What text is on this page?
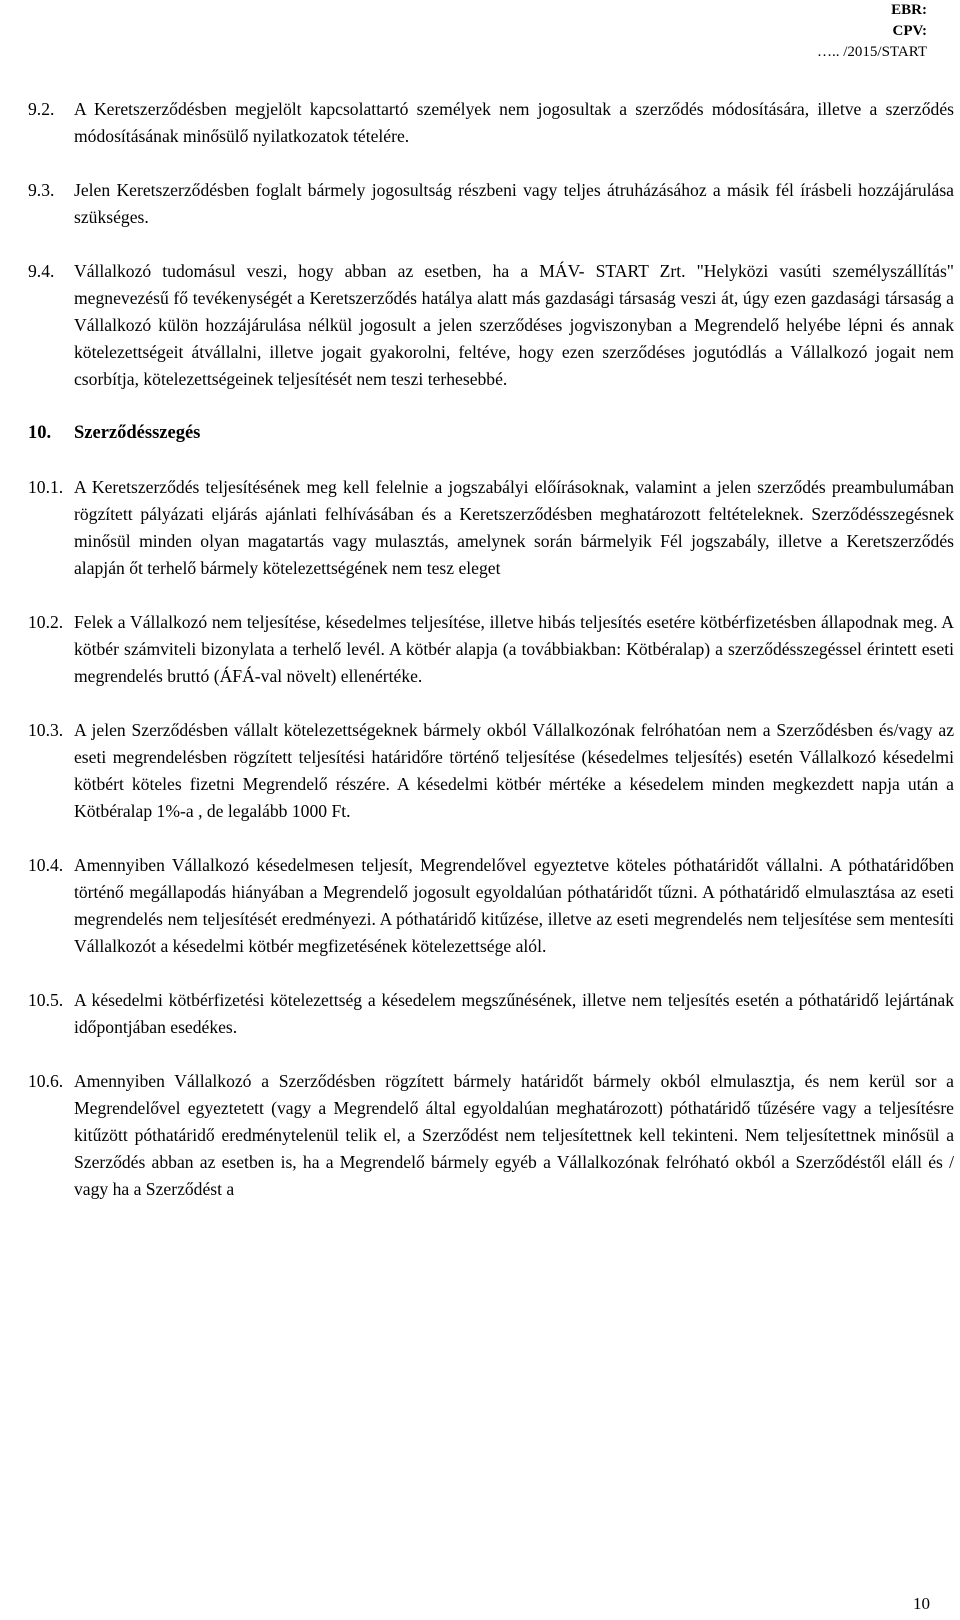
EBR:
CPV:
….. /2015/START
9.2.	A Keretszerződésben megjelölt kapcsolattartó személyek nem jogosultak a szerződés módosítására, illetve a szerződés módosításának minősülő nyilatkozatok tételére.
9.3.	Jelen Keretszerződésben foglalt bármely jogosultság részbeni vagy teljes átruházásához a másik fél írásbeli hozzájárulása szükséges.
9.4.	Vállalkozó tudomásul veszi, hogy abban az esetben, ha a MÁV- START Zrt. "Helyközi vasúti személyszállítás" megnevezésű fő tevékenységét a Keretszerződés hatálya alatt más gazdasági társaság veszi át, úgy ezen gazdasági társaság a Vállalkozó külön hozzájárulása nélkül jogosult a jelen szerződéses jogviszonyban a Megrendelő helyébe lépni és annak kötelezettségeit átvállalni, illetve jogait gyakorolni, feltéve, hogy ezen szerződéses jogutódlás a Vállalkozó jogait nem csorbítja, kötelezettségeinek teljesítését nem teszi terhesebbé.
10.	Szerződésszegés
10.1. A Keretszerződés teljesítésének meg kell felelnie a jogszabályi előírásoknak, valamint a jelen szerződés preambulumában rögzített pályázati eljárás ajánlati felhívásában és a Keretszerződésben meghatározott feltételeknek. Szerződésszegésnek minősül minden olyan magatartás vagy mulasztás, amelynek során bármelyik Fél jogszabály, illetve a Keretszerződés alapján őt terhelő bármely kötelezettségének nem tesz eleget
10.2. Felek a Vállalkozó nem teljesítése, késedelmes teljesítése, illetve hibás teljesítés esetére kötbérfizetésben állapodnak meg. A kötbér számviteli bizonylata a terhelő levél. A kötbér alapja (a továbbiakban: Kötbéralap) a szerződésszegéssel érintett eseti megrendelés bruttó (ÁFÁ-val növelt) ellenértéke.
10.3. A jelen Szerződésben vállalt kötelezettségeknek bármely okból Vállalkozónak felróhatóan nem a Szerződésben és/vagy az eseti megrendelésben rögzített teljesítési határidőre történő teljesítése (késedelmes teljesítés) esetén Vállalkozó késedelmi kötbért köteles fizetni Megrendelő részére. A késedelmi kötbér mértéke a késedelem minden megkezdett napja után a Kötbéralap 1%-a , de legalább 1000 Ft.
10.4. Amennyiben Vállalkozó késedelmesen teljesít, Megrendelővel egyeztetve köteles póthatáridőt vállalni. A póthatáridőben történő megállapodás hiányában a Megrendelő jogosult egyoldalúan póthatáridőt tűzni. A póthatáridő elmulasztása az eseti megrendelés nem teljesítését eredményezi. A póthatáridő kitűzése, illetve az eseti megrendelés nem teljesítése sem mentesíti Vállalkozót a késedelmi kötbér megfizetésének kötelezettsége alól.
10.5. A késedelmi kötbérfizetési kötelezettség a késedelem megszűnésének, illetve nem teljesítés esetén a póthatáridő lejártának időpontjában esedékes.
10.6. Amennyiben Vállalkozó a Szerződésben rögzített bármely határidőt bármely okból elmulasztja, és nem kerül sor a Megrendelővel egyeztetett (vagy a Megrendelő által egyoldalúan meghatározott) póthatáridő tűzésére vagy a teljesítésre kitűzött póthatáridő eredménytelenül telik el, a Szerződést nem teljesítettnek kell tekinteni. Nem teljesítettnek minősül a Szerződés abban az esetben is, ha a Megrendelő bármely egyéb a Vállalkozónak felróható okból a Szerződéstől eláll és / vagy ha a Szerződést a
10
